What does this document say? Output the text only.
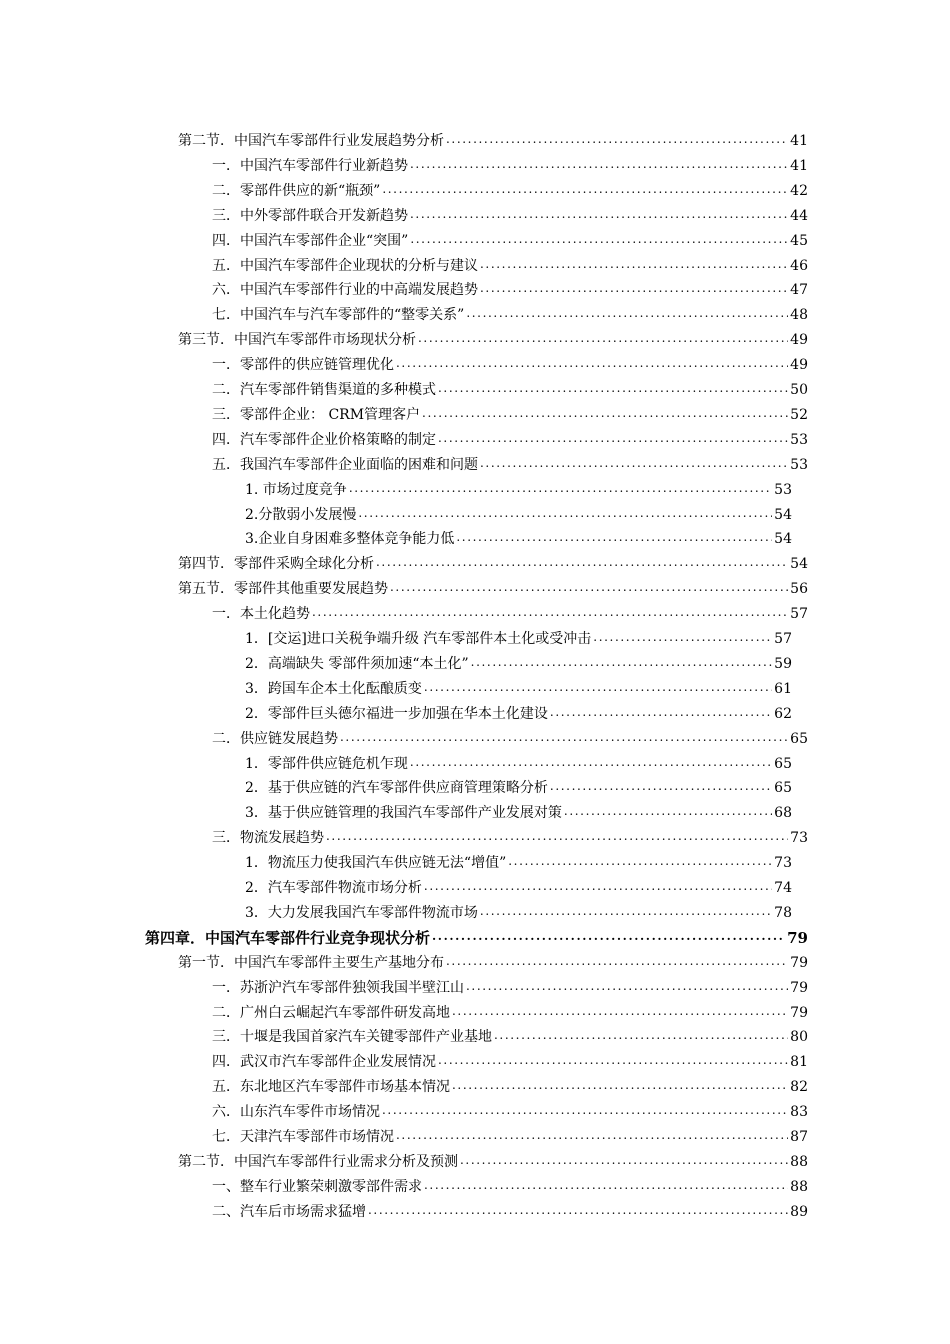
第二节．中国汽车零部件行业发展趋势分析 .....	41
一．中国汽车零部件行业新趋势 .....	41
二．零部件供应的新“瓶颈” .....	42
三．中外零部件联合开发新趋势 .....	44
四．中国汽车零部件企业“突围” .....	45
五．中国汽车零部件企业现状的分析与建议 .....	46
六．中国汽车零部件行业的中高端发展趋势 .....	47
七．中国汽车与汽车零部件的“整零关系” .....	48
第三节．中国汽车零部件市场现状分析 .....	49
一．零部件的供应链管理优化 .....	49
二．汽车零部件销售渠道的多种模式 .....	50
三．零部件企业： CRM管理客户 .....	52
四．汽车零部件企业价格策略的制定 .....	53
五．我国汽车零部件企业面临的困难和问题 .....	53
1. 市场过度竞争 .....	53
2.分散弱小发展慢 .....	54
3.企业自身困难多整体竞争能力低 .....	54
第四节．零部件采购全球化分析 .....	54
第五节．零部件其他重要发展趋势 .....	56
一．本土化趋势 .....	57
1．[交运]进口关税争端升级 汽车零部件本土化或受冲击 .....	57
2．高端缺失 零部件须加速“本土化” .....	59
3．跨国车企本土化酝酿质变 .....	61
2．零部件巨头德尔福进一步加强在华本土化建设 .....	62
二．供应链发展趋势 .....	65
1．零部件供应链危机乍现 .....	65
2．基于供应链的汽车零部件供应商管理策略分析 .....	65
3．基于供应链管理的我国汽车零部件产业发展对策 .....	68
三．物流发展趋势 .....	73
1．物流压力使我国汽车供应链无法“增值” .....	73
2．汽车零部件物流市场分析 .....	74
3．大力发展我国汽车零部件物流市场 .....	78
第四章．中国汽车零部件行业竞争现状分析 .....	79
第一节．中国汽车零部件主要生产基地分布 .....	79
一．苏浙沪汽车零部件独领我国半壁江山 .....	79
二．广州白云崛起汽车零部件研发高地 .....	79
三．十堰是我国首家汽车关键零部件产业基地 .....	80
四．武汉市汽车零部件企业发展情况 .....	81
五．东北地区汽车零部件市场基本情况 .....	82
六．山东汽车零件市场情况 .....	83
七．天津汽车零部件市场情况 .....	87
第二节．中国汽车零部件行业需求分析及预测 .....	88
一、整车行业繁荣刺激零部件需求 .....	88
二、汽车后市场需求猛增 .....	89
